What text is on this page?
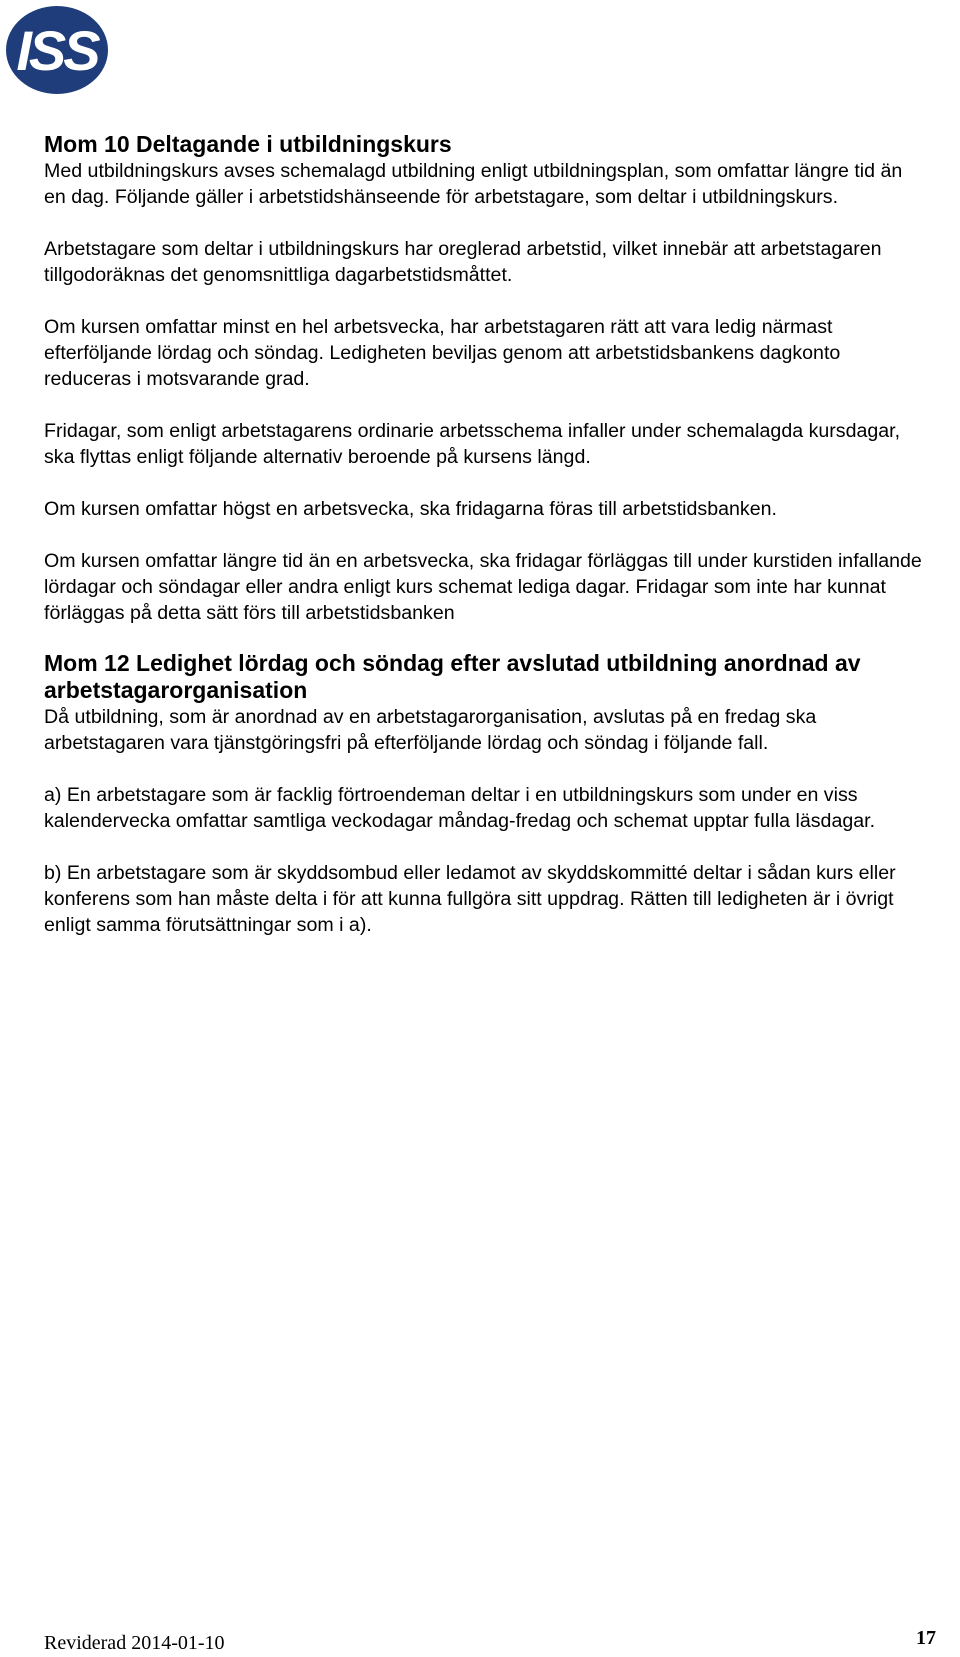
ISS
Mom 10 Deltagande i utbildningskurs

Med utbildningskurs avses schemalagd utbildning enligt utbildningsplan, som omfattar längre tid än en dag. Följande gäller i arbetstidshänseende för arbetstagare, som deltar i utbildningskurs.

Arbetstagare som deltar i utbildningskurs har oreglerad arbetstid, vilket innebär att arbetstagaren tillgodoräknas det genomsnittliga dagarbetstidsmåttet.

Om kursen omfattar minst en hel arbetsvecka, har arbetstagaren rätt att vara ledig närmast efterföljande lördag och söndag. Ledigheten beviljas genom att arbetstidsbankens dagkonto reduceras i motsvarande grad.

Fridagar, som enligt arbetstagarens ordinarie arbetsschema infaller under schemalagda kursdagar, ska flyttas enligt följande alternativ beroende på kursens längd.

Om kursen omfattar högst en arbetsvecka, ska fridagarna föras till arbetstidsbanken.

Om kursen omfattar längre tid än en arbetsvecka, ska fridagar förläggas till under kurstiden infallande lördagar och söndagar eller andra enligt kurs schemat lediga dagar. Fridagar som inte har kunnat förläggas på detta sätt förs till arbetstidsbanken

Mom 12 Ledighet lördag och söndag efter avslutad utbildning anordnad av arbetstagarorganisation

Då utbildning, som är anordnad av en arbetstagarorganisation, avslutas på en fredag ska arbetstagaren vara tjänstgöringsfri på efterföljande lördag och söndag i följande fall.

a) En arbetstagare som är facklig förtroendeman deltar i en utbildningskurs som under en viss kalendervecka omfattar samtliga veckodagar måndag-fredag och schemat upptar fulla läsdagar.

b) En arbetstagare som är skyddsombud eller ledamot av skyddskommitté deltar i sådan kurs eller konferens som han måste delta i för att kunna fullgöra sitt uppdrag. Rätten till ledigheten är i övrigt enligt samma förutsättningar som i a).

Reviderad 2014-01-10	17
